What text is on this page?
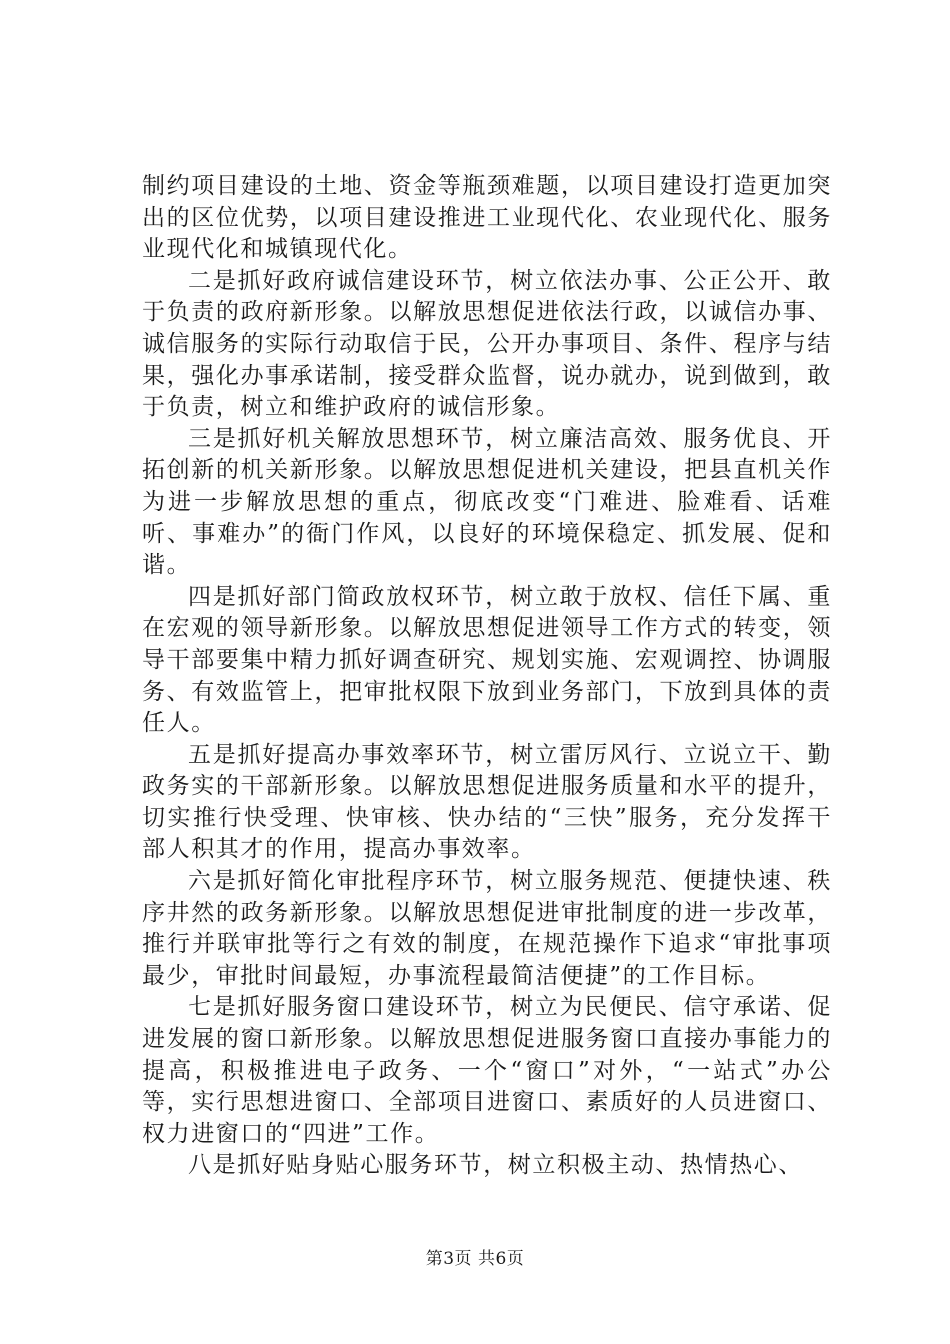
制约项目建设的土地、资金等瓶颈难题，以项目建设打造更加突出的区位优势，以项目建设推进工业现代化、农业现代化、服务业现代化和城镇现代化。

二是抓好政府诚信建设环节，树立依法办事、公正公开、敢于负责的政府新形象。以解放思想促进依法行政，以诚信办事、诚信服务的实际行动取信于民，公开办事项目、条件、程序与结果，强化办事承诺制，接受群众监督，说办就办，说到做到，敢于负责，树立和维护政府的诚信形象。

三是抓好机关解放思想环节，树立廉洁高效、服务优良、开拓创新的机关新形象。以解放思想促进机关建设，把县直机关作为进一步解放思想的重点，彻底改变“门难进、脸难看、话难听、事难办”的衙门作风，以良好的环境保稳定、抓发展、促和谐。

四是抓好部门简政放权环节，树立敢于放权、信任下属、重在宏观的领导新形象。以解放思想促进领导工作方式的转变，领导干部要集中精力抓好调查研究、规划实施、宏观调控、协调服务、有效监管上，把审批权限下放到业务部门，下放到具体的责任人。

五是抓好提高办事效率环节，树立雷厉风行、立说立干、勤政务实的干部新形象。以解放思想促进服务质量和水平的提升，切实推行快受理、快审核、快办结的“三快”服务，充分发挥干部人积其才的作用，提高办事效率。

六是抓好简化审批程序环节，树立服务规范、便捷快速、秩序井然的政务新形象。以解放思想促进审批制度的进一步改革，推行并联审批等行之有效的制度，在规范操作下追求“审批事项最少，审批时间最短，办事流程最简洁便捷”的工作目标。

七是抓好服务窗口建设环节，树立为民便民、信守承诺、促进发展的窗口新形象。以解放思想促进服务窗口直接办事能力的提高，积极推进电子政务、一个“窗口”对外，“一站式”办公等，实行思想进窗口、全部项目进窗口、素质好的人员进窗口、权力进窗口的“四进”工作。

八是抓好贴身贴心服务环节，树立积极主动、热情热心、

第3页 共6页
